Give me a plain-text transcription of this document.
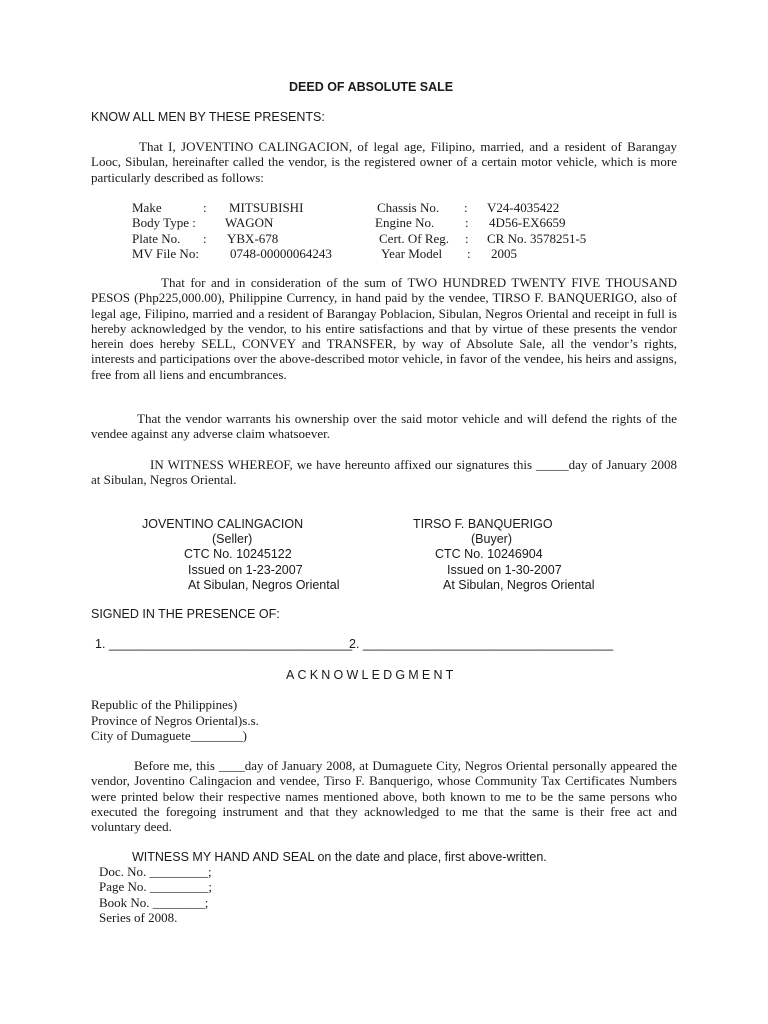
DEED OF ABSOLUTE SALE
KNOW ALL MEN BY THESE PRESENTS:
That I, JOVENTINO CALINGACION, of legal age, Filipino, married, and a resident of Barangay Looc, Sibulan, hereinafter called the vendor, is the registered owner of a certain motor vehicle, which is more particularly described as follows:
Make	: MITSUBISHI
Body Type : WAGON
Plate No. : YBX-678
MV File No: 0748-00000064243
Chassis No. : V24-4035422
Engine No. : 4D56-EX6659
Cert. Of Reg. : CR No. 3578251-5
Year Model : 2005
That for and in consideration of the sum of TWO HUNDRED TWENTY FIVE THOUSAND PESOS (Php225,000.00), Philippine Currency, in hand paid by the vendee, TIRSO F. BANQUERIGO, also of legal age, Filipino, married and a resident of Barangay Poblacion, Sibulan, Negros Oriental and receipt in full is hereby acknowledged by the vendor, to his entire satisfactions and that by virtue of these presents the vendor herein does hereby SELL, CONVEY and TRANSFER, by way of Absolute Sale, all the vendor’s rights, interests and participations over the above-described motor vehicle, in favor of the vendee, his heirs and assigns, free from all liens and encumbrances.
That the vendor warrants his ownership over the said motor vehicle and will defend the rights of the vendee against any adverse claim whatsoever.
IN WITNESS WHEREOF, we have hereunto affixed our signatures this _____day of January 2008 at Sibulan, Negros Oriental.
JOVENTINO CALINGACION
(Seller)
CTC No. 10245122
Issued on 1-23-2007
At Sibulan, Negros Oriental
TIRSO F. BANQUERIGO
(Buyer)
CTC No. 10246904
Issued on 1-30-2007
At Sibulan, Negros Oriental
SIGNED IN THE PRESENCE OF:
1. ___________________________________
2. ____________________________________
ACKNOWLEDGMENT
Republic of the Philippines)
Province of Negros Oriental)s.s.
City of Dumaguete________)
Before me, this ____day of January 2008, at Dumaguete City, Negros Oriental personally appeared the vendor, Joventino Calingacion and vendee, Tirso F. Banquerigo, whose Community Tax Certificates Numbers were printed below their respective names mentioned above, both known to me to be the same persons who executed the foregoing instrument and that they acknowledged to me that the same is their free act and voluntary deed.
WITNESS MY HAND AND SEAL on the date and place, first above-written.
Doc. No. _________;
Page No. _________;
Book No. ________;
Series of 2008.
